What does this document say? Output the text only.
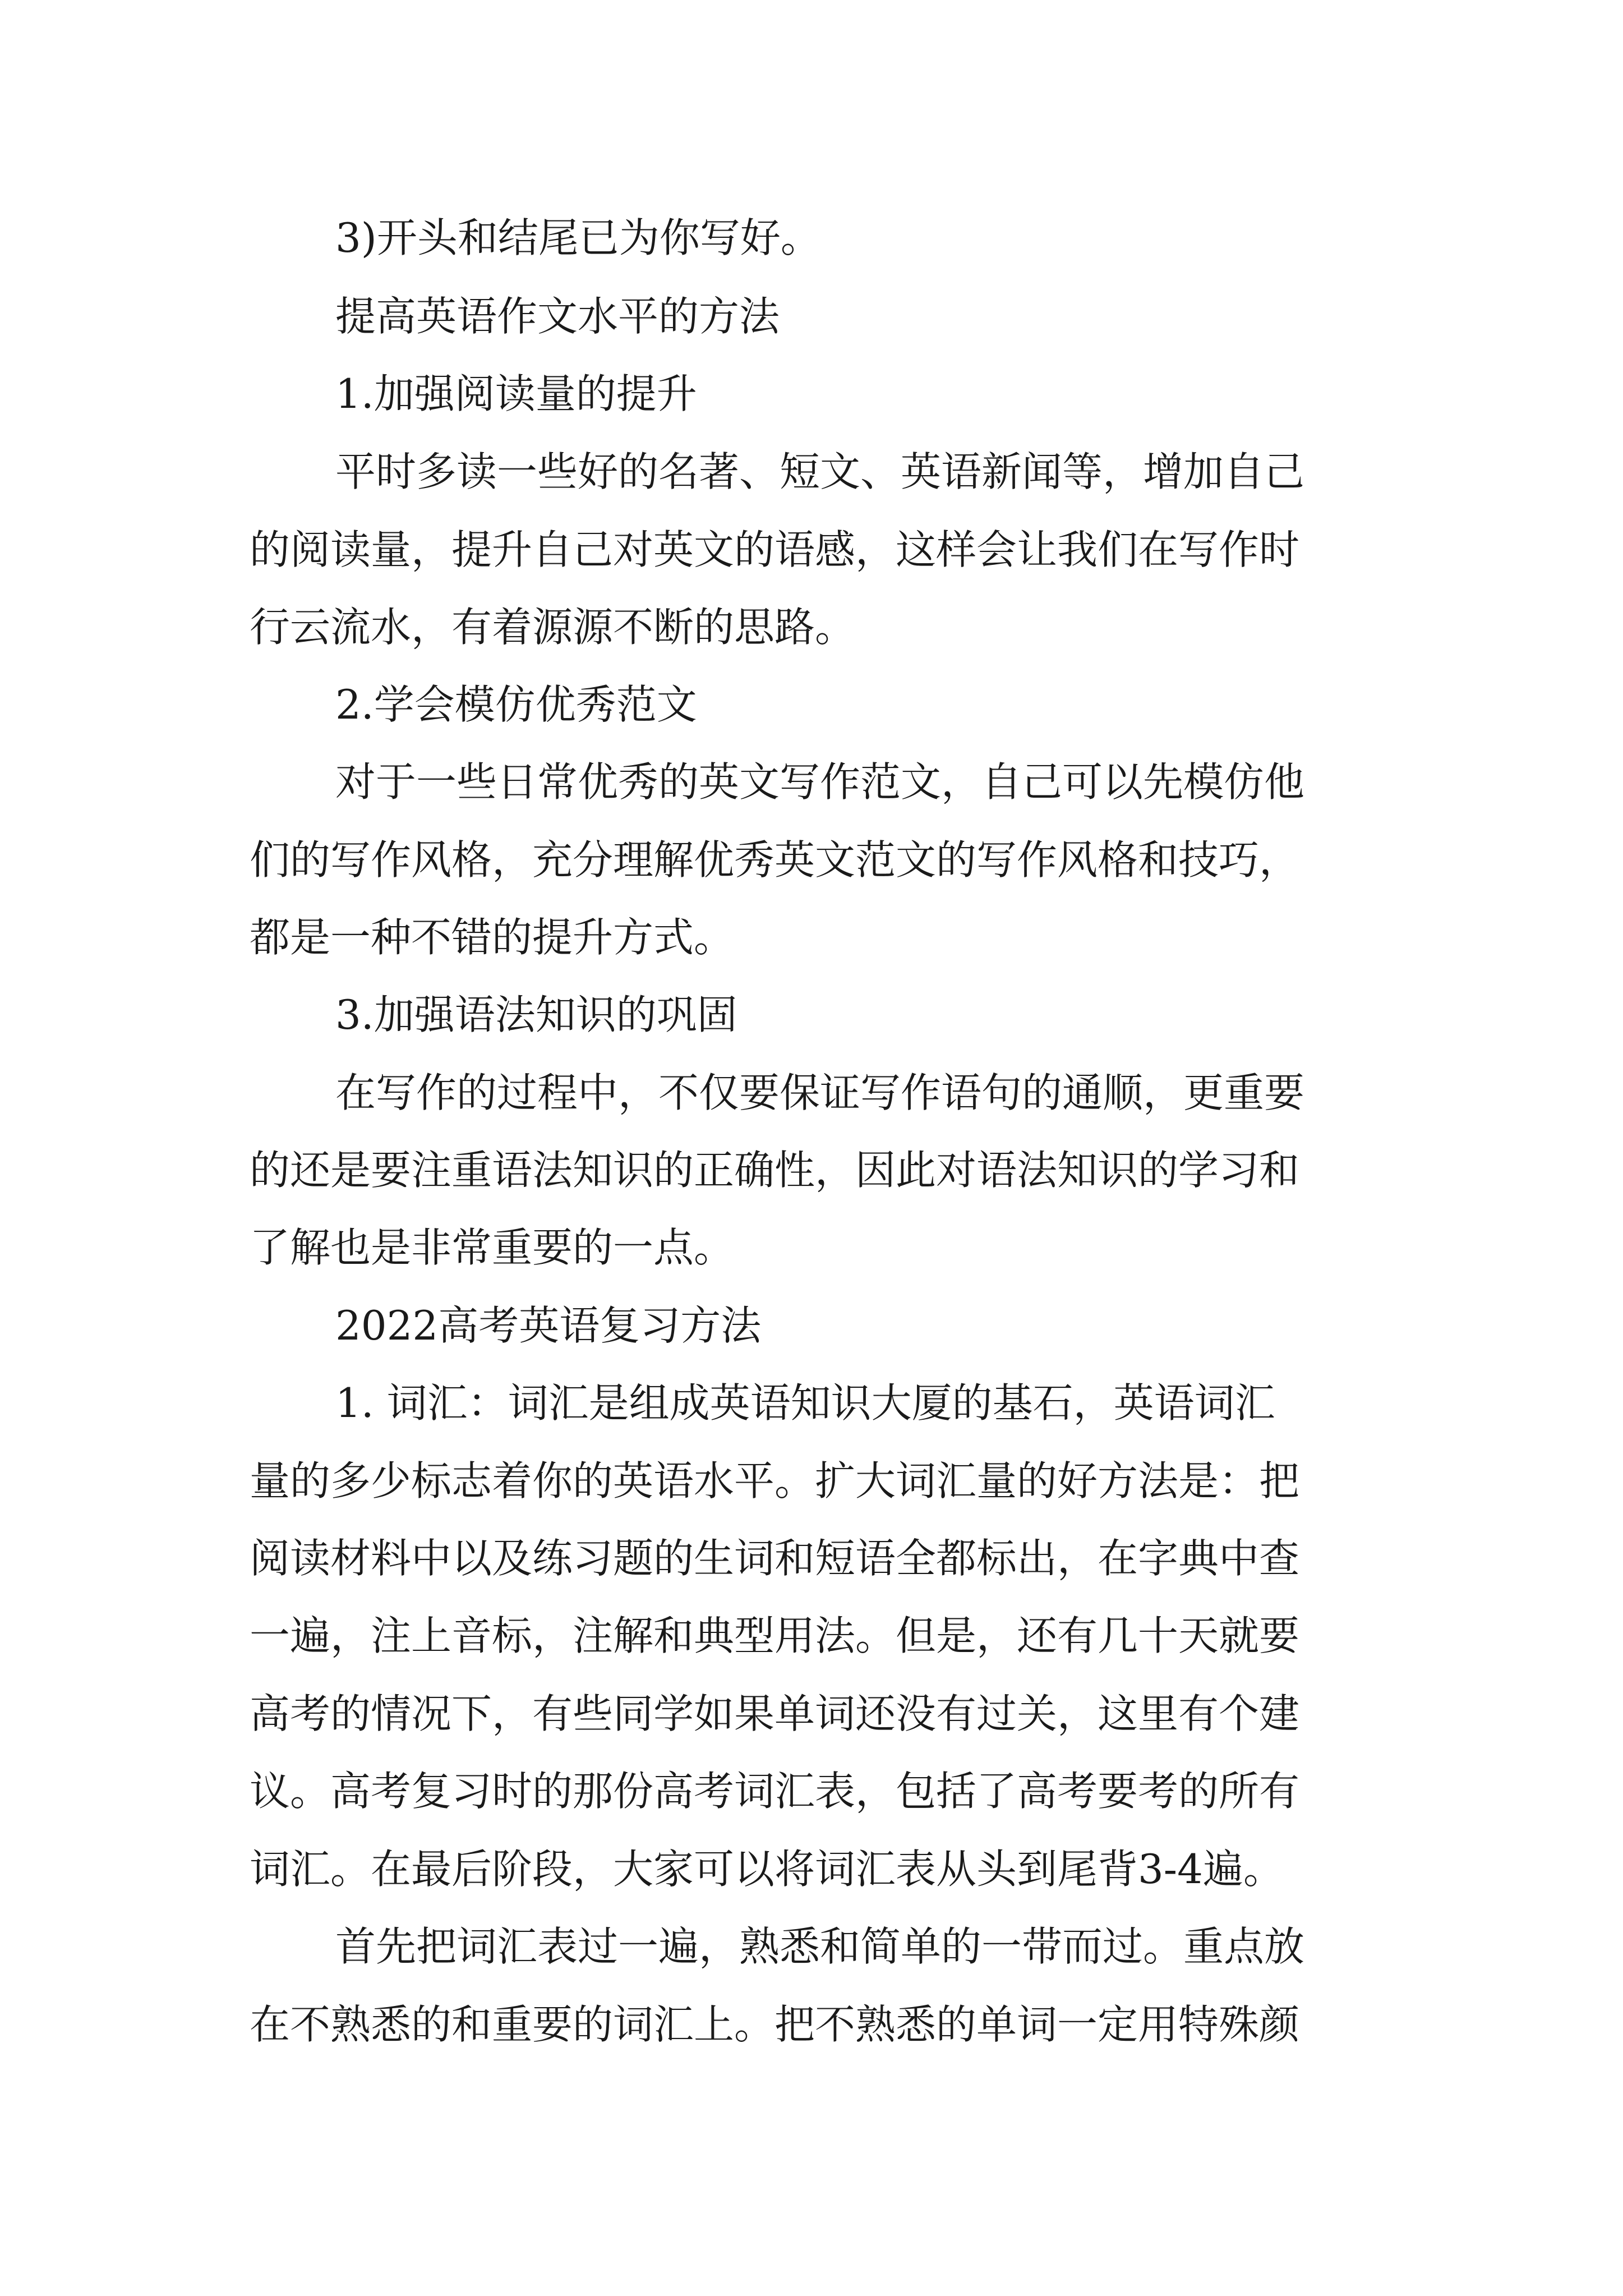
3)开头和结尾已为你写好。
提高英语作文水平的方法
1.加强阅读量的提升
平时多读一些好的名著、短文、英语新闻等，增加自己
的阅读量，提升自己对英文的语感，这样会让我们在写作时
行云流水，有着源源不断的思路。
2.学会模仿优秀范文
对于一些日常优秀的英文写作范文，自己可以先模仿他
们的写作风格，充分理解优秀英文范文的写作风格和技巧，
都是一种不错的提升方式。
3.加强语法知识的巩固
在写作的过程中，不仅要保证写作语句的通顺，更重要
的还是要注重语法知识的正确性，因此对语法知识的学习和
了解也是非常重要的一点。
2022高考英语复习方法
1. 词汇：词汇是组成英语知识大厦的基石，英语词汇
量的多少标志着你的英语水平。扩大词汇量的好方法是：把
阅读材料中以及练习题的生词和短语全都标出，在字典中查
一遍，注上音标，注解和典型用法。但是，还有几十天就要
高考的情况下，有些同学如果单词还没有过关，这里有个建
议。高考复习时的那份高考词汇表，包括了高考要考的所有
词汇。在最后阶段，大家可以将词汇表从头到尾背3-4遍。
首先把词汇表过一遍，熟悉和简单的一带而过。重点放
在不熟悉的和重要的词汇上。把不熟悉的单词一定用特殊颜
